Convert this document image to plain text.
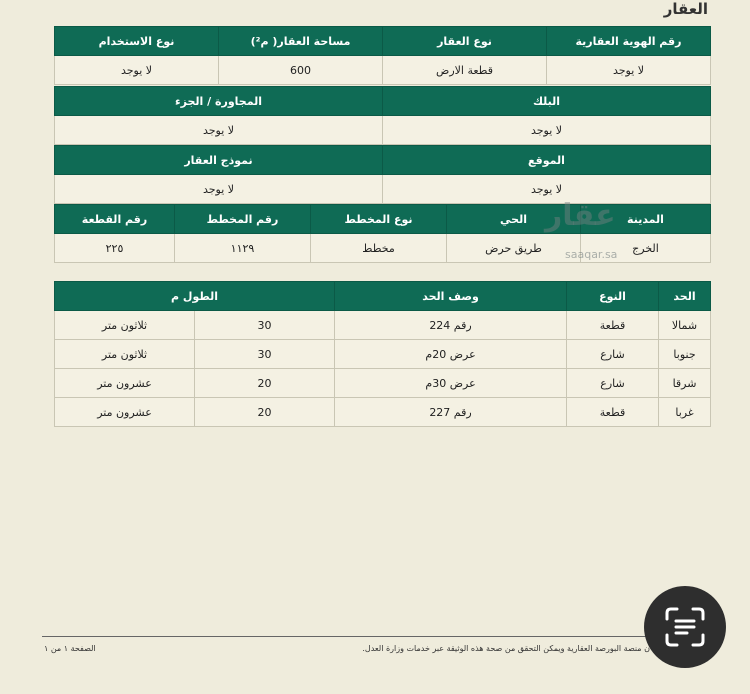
العقار
رقم الهوية العقارية	نوع العقار	مساحة العقار( م²)	نوع الاستخدام
لا يوجد	قطعة الارض	600	لا يوجد
البلك	المجاورة / الجزء
لا يوجد	لا يوجد
الموقع	نموذج العقار
لا يوجد	لا يوجد
المدينة	الحي	نوع المخطط	رقم المخطط	رقم القطعة
الخرج	طريق حرض	مخطط	١١٢٩	٢٢٥
الحد	النوع	وصف الحد	الطول م	
شمالا	قطعة	رقم 224	30	ثلاثون متر
جنوبا	شارع	عرض 20م	30	ثلاثون متر
شرقا	شارع	عرض 30م	20	عشرون متر
غربا	قطعة	رقم 227	20	عشرون متر
عقار
saaqar.sa
ن منصة البورصة العقارية ويمكن التحقق من صحة هذه الوثيقة عبر خدمات وزارة العدل.
الصفحة ١ من ١
